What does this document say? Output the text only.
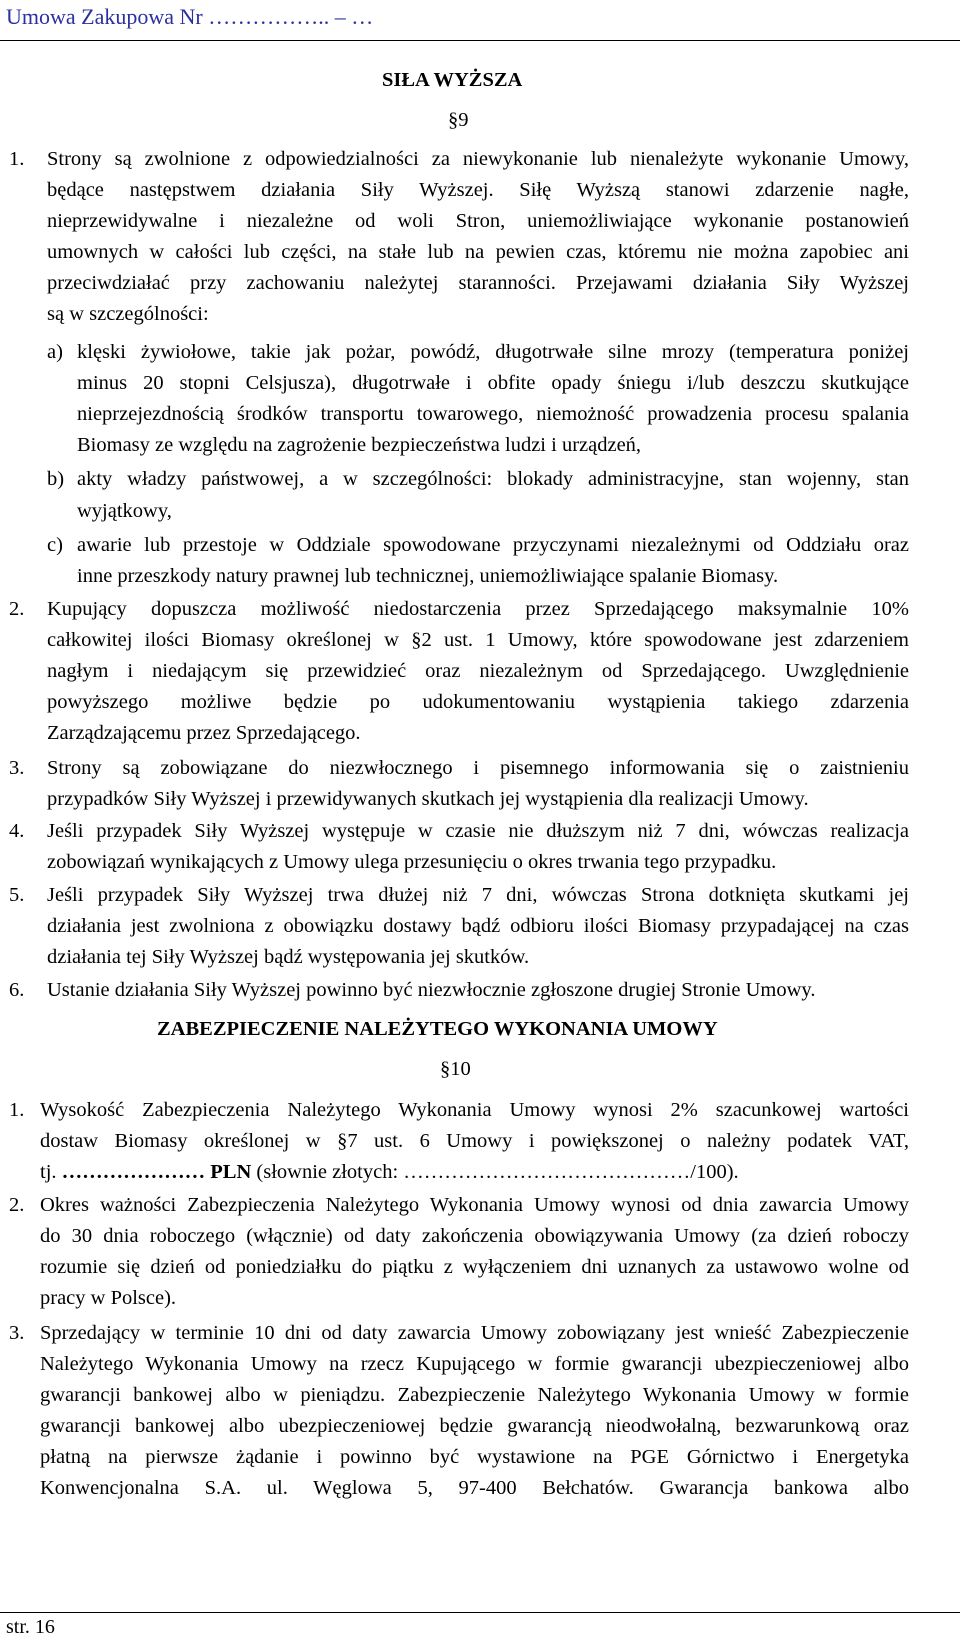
Umowa Zakupowa Nr …………….. – …
SIŁA WYŻSZA
§9
1. Strony są zwolnione z odpowiedzialności za niewykonanie lub nienależyte wykonanie Umowy,
będące następstwem działania Siły Wyższej. Siłę Wyższą stanowi zdarzenie nagłe,
nieprzewidywalne i niezależne od woli Stron, uniemożliwiające wykonanie postanowień
umownych w całości lub części, na stałe lub na pewien czas, któremu nie można zapobiec ani
przeciwdziałać przy zachowaniu należytej staranności. Przejawami działania Siły Wyższej
są w szczególności:
a) klęski żywiołowe, takie jak pożar, powódź, długotrwałe silne mrozy (temperatura poniżej
minus 20 stopni Celsjusza), długotrwałe i obfite opady śniegu i/lub deszczu skutkujące
nieprzejezdnością środków transportu towarowego, niemożność prowadzenia procesu spalania
Biomasy ze względu na zagrożenie bezpieczeństwa ludzi i urządzeń,
b) akty władzy państwowej, a w szczególności: blokady administracyjne, stan wojenny, stan
wyjątkowy,
c) awarie lub przestoje w Oddziale spowodowane przyczynami niezależnymi od Oddziału oraz
inne przeszkody natury prawnej lub technicznej, uniemożliwiające spalanie Biomasy.
2. Kupujący dopuszcza możliwość niedostarczenia przez Sprzedającego maksymalnie 10%
całkowitej ilości Biomasy określonej w §2 ust. 1 Umowy, które spowodowane jest zdarzeniem
nagłym i niedającym się przewidzieć oraz niezależnym od Sprzedającego. Uwzględnienie
powyższego możliwe będzie po udokumentowaniu wystąpienia takiego zdarzenia
Zarządzającemu przez Sprzedającego.
3. Strony są zobowiązane do niezwłocznego i pisemnego informowania się o zaistnieniu
przypadków Siły Wyższej i przewidywanych skutkach jej wystąpienia dla realizacji Umowy.
4. Jeśli przypadek Siły Wyższej występuje w czasie nie dłuższym niż 7 dni, wówczas realizacja
zobowiązań wynikających z Umowy ulega przesunięciu o okres trwania tego przypadku.
5. Jeśli przypadek Siły Wyższej trwa dłużej niż 7 dni, wówczas Strona dotknięta skutkami jej
działania jest zwolniona z obowiązku dostawy bądź odbioru ilości Biomasy przypadającej na czas
działania tej Siły Wyższej bądź występowania jej skutków.
6. Ustanie działania Siły Wyższej powinno być niezwłocznie zgłoszone drugiej Stronie Umowy.
ZABEZPIECZENIE NALEŻYTEGO WYKONANIA UMOWY
§10
1. Wysokość Zabezpieczenia Należytego Wykonania Umowy wynosi 2% szacunkowej wartości
dostaw Biomasy określonej w §7 ust. 6 Umowy i powiększonej o należny podatek VAT,
tj. ………………… PLN (słownie złotych: ……………………………………/100).
2. Okres ważności Zabezpieczenia Należytego Wykonania Umowy wynosi od dnia zawarcia Umowy
do 30 dnia roboczego (włącznie) od daty zakończenia obowiązywania Umowy (za dzień roboczy
rozumie się dzień od poniedziałku do piątku z wyłączeniem dni uznanych za ustawowo wolne od
pracy w Polsce).
3. Sprzedający w terminie 10 dni od daty zawarcia Umowy zobowiązany jest wnieść Zabezpieczenie
Należytego Wykonania Umowy na rzecz Kupującego w formie gwarancji ubezpieczeniowej albo
gwarancji bankowej albo w pieniądzu. Zabezpieczenie Należytego Wykonania Umowy w formie
gwarancji bankowej albo ubezpieczeniowej będzie gwarancją nieodwołalną, bezwarunkową oraz
płatną na pierwsze żądanie i powinno być wystawione na PGE Górnictwo i Energetyka
Konwencjonalna S.A. ul. Węglowa 5, 97-400 Bełchatów. Gwarancja bankowa albo
str. 16
